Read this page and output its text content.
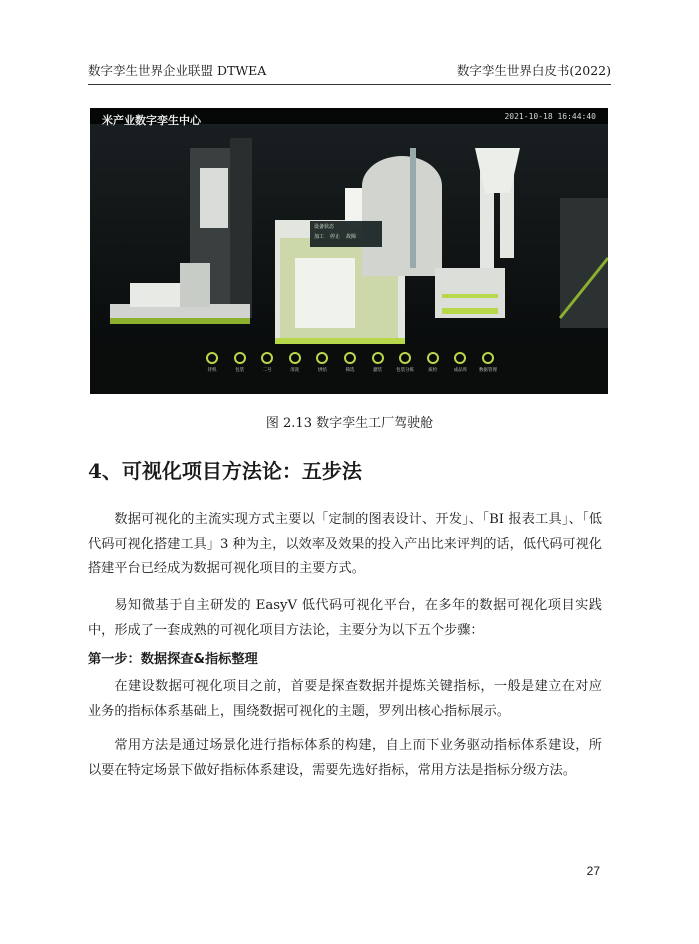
数字孪生世界企业联盟 DTWEA	数字孪生世界白皮书(2022)
米产业数字孪生中心	2021-10-18 16:44:40
设备状态
加工 停止 故障
待机	包装	二号	清洗	烘焙	筛选	灌装	包装分拣	质检	成品库	数据管理
图 2.13 数字孪生工厂驾驶舱
4、可视化项目方法论：五步法

数据可视化的主流实现方式主要以「定制的图表设计、开发」、「BI 报表工具」、「低代码可视化搭建工具」3 种为主，以效率及效果的投入产出比来评判的话，低代码可视化搭建平台已经成为数据可视化项目的主要方式。

易知微基于自主研发的 EasyV 低代码可视化平台，在多年的数据可视化项目实践中，形成了一套成熟的可视化项目方法论，主要分为以下五个步骤：

第一步：数据探查&指标整理

在建设数据可视化项目之前，首要是探查数据并提炼关键指标，一般是建立在对应业务的指标体系基础上，围绕数据可视化的主题，罗列出核心指标展示。

常用方法是通过场景化进行指标体系的构建，自上而下业务驱动指标体系建设，所以要在特定场景下做好指标体系建设，需要先选好指标，常用方法是指标分级方法。

27
